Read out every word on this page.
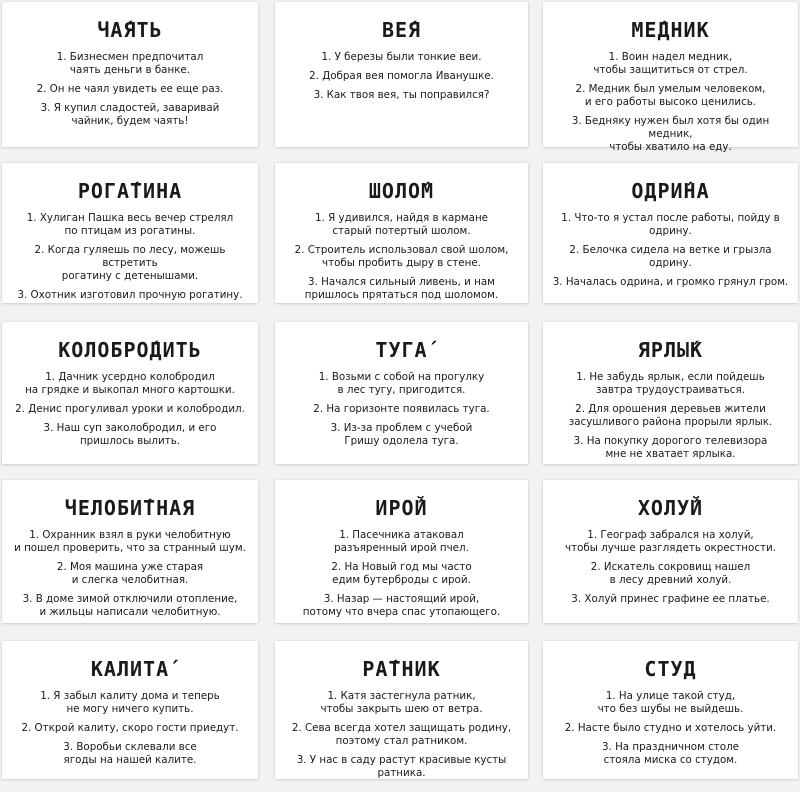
ЧА́ЯТЬ
1. Бизнесмен предпочитал
чаять деньги в банке.
2. Он не чаял увидеть ее еще раз.
3. Я купил сладостей, заваривай
чайник, будем чаять!
ВЕ́Я
1. У березы были тонкие веи.
2. Добрая вея помогла Иванушке.
3. Как твоя вея, ты поправился?
МЕ́ДНИК
1. Воин надел медник,
чтобы защититься от стрел.
2. Медник был умелым человеком,
и его работы высоко ценились.
3. Бедняку нужен был хотя бы один медник,
чтобы хватило на еду.
РОГА́ТИНА
1. Хулиган Пашка весь вечер стрелял
по птицам из рогатины.
2. Когда гуляешь по лесу, можешь встретить
рогатину с детенышами.
3. Охотник изготовил прочную рогатину.
ШОЛО́М
1. Я удивился, найдя в кармане
старый потертый шолом.
2. Строитель использовал свой шолом,
чтобы пробить дыру в стене.
3. Начался сильный ливень, и нам
пришлось прятаться под шоломом.
ОДРИ́НА
1. Что-то я устал после работы, пойду в одрину.
2. Белочка сидела на ветке и грызла одрину.
3. Началась одрина, и громко грянул гром.
КОЛОБРО́ДИТЬ
1. Дачник усердно колобродил
на грядке и выкопал много картошки.
2. Денис прогуливал уроки и колобродил.
3. Наш суп заколобродил, и его
пришлось вылить.
ТУГА́
1. Возьми с собой на прогулку
в лес тугу, пригодится.
2. На горизонте появилась туга.
3. Из-за проблем с учебой
Гришу одолела туга.
ЯРЛЫ́К
1. Не забудь ярлык, если пойдешь
завтра трудоустраиваться.
2. Для орошения деревьев жители
засушливого района прорыли ярлык.
3. На покупку дорогого телевизора
мне не хватает ярлыка.
ЧЕЛОБИ́ТНАЯ
1. Охранник взял в руки челобитную
и пошел проверить, что за странный шум.
2. Моя машина уже старая
и слегка челобитная.
3. В доме зимой отключили отопление,
и жильцы написали челобитную.
ИРО́Й
1. Пасечника атаковал
разъяренный ирой пчел.
2. На Новый год мы часто
едим бутерброды с ирой.
3. Назар — настоящий ирой,
потому что вчера спас утопающего.
ХОЛУ́Й
1. Географ забрался на холуй,
чтобы лучше разглядеть окрестности.
2. Искатель сокровищ нашел
в лесу древний холуй.
3. Холуй принес графине ее платье.
КАЛИТА́
1. Я забыл калиту дома и теперь
не могу ничего купить.
2. Открой калиту, скоро гости приедут.
3. Воробьи склевали все
ягоды на нашей калите.
РА́ТНИК
1. Катя застегнула ратник,
чтобы закрыть шею от ветра.
2. Сева всегда хотел защищать родину,
поэтому стал ратником.
3. У нас в саду растут красивые кусты ратника.
СТУД
1. На улице такой студ,
что без шубы не выйдешь.
2. Насте было студно и хотелось уйти.
3. На праздничном столе
стояла миска со студом.
